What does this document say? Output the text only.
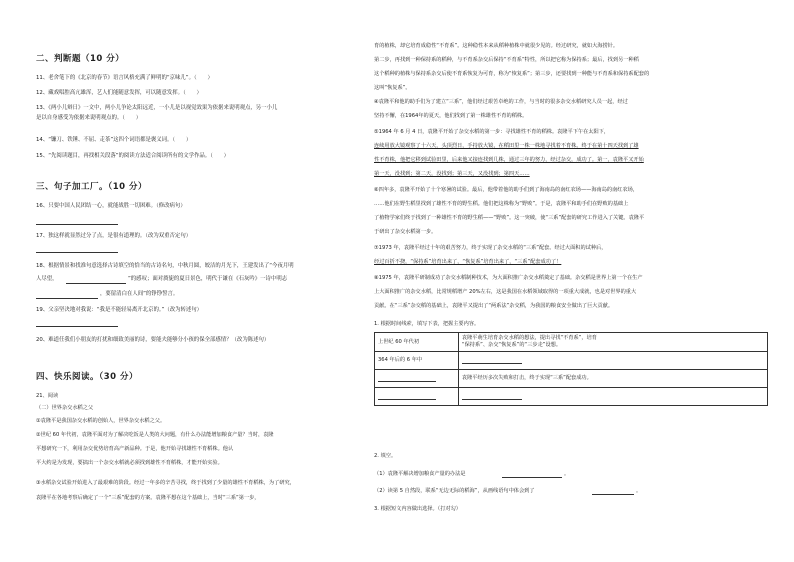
二、判断题（10 分）
11、老舍笔下的《北京的春节》语言风格充满了鲜明的“京味儿”。（　　）
12、藏戏唱腔高亢雄浑，艺人们能随意发挥，可以随意发挥。（　　）
13、《两小儿辩日》一文中，两小儿争论太阳远近，一小儿是以视觉效果为依据来说明观点，另一小儿
是以自身感受为依据来说明观点的。（　　）
14、“镰刀、铁锤、不屈、走茶”这四个词语都是褒义词。（　　）
15、“先阅读题目，再找相关段落”的阅读方法适合阅读所有的文学作品。（　　）
三、句子加工厂。（10 分）
16、只要中国人民团结一心，就能战胜一切困难。（修改病句）
17、独这样就显然过分了点，是很有道理的。（改为双重否定句）
18、根据情景和找准句意选择古诗填空的恰当的古诗名句，中秋月圆，皎洁的月光下，王建发出了“今夜月明
人尽望，	”的感叹；面对旖旎的夏日景色，明代于谦在《石灰吟》一诗中明志
，要留清白在人间”的铮铮誓言。
19、父亲坚决地对我说：“我是不能轻易离开北京的。”（改为转述句）
20、难道任我们小朋友的打扰和细致美丽的诗，要能夫能够分小孩的保全部感情？（改为陈述句）
四、快乐阅读。（30 分）
21、阅读
（二）世界杂交水稻之父
①袁隆平是我国杂交水稻的创始人，世界杂交水稻之父。
②世纪 60 年代初，袁隆平面对为了解决吃饭是人类的大问题，有什么办法能增加粮食产量？当时，袁隆
平想研究一下，利用杂交优势培育高产新品种。于是，他开始寻找雄性不育稻株。他认
平大约是为发现，要搞出一个杂交水稻就必须找到雄性不育稻株，才能开始实验。
③水稻杂交试验开始进入了最艰难的阶段。经过一年多的辛苦寻找，终于找到了少量的雄性不育稻株，为了研究，
袁隆平在各地考察后确定了一个“三系”配套的方案。袁隆平想在这个基础上，当时“三系”第一步，
育的植株，却它培育成稳性“不育系”。这种稳性本来从稻种植株中就很少见的。经过研究，就如大海捞针。
第二步，再找到一种保持系的稻种，与不育系杂交后保持“不育系”特性，所以把它称为保持系；最后，找到另一种稻
这个稻种的植株与保持系杂交后使不育系恢复为可育，称为“恢复系”；第三步，还要找到一种能与不育系和保持系配套的
这叫“恢复系”。
④袁隆平和他的助手们为了建立“三系”，他们经过艰苦卓绝的工作，与当时的很多杂交水稻研究人员一起，经过
坚持不懈，在1964年的夏天，他们找到了第一株雄性不育的稻株。
⑤1964 年 6 月 4 日，袁隆平开始了杂交水稻的第一步：寻找雄性不育的稻株。袁隆平下午在太阳下，
连续用放大镜观察了十六天，头顶烈日，手持放大镜，在稻田里一株一株地寻找着不育株。终于在第十四天找到了雄
性不育株，他把它移到试验田里，后来他又接连找到几株，通过三年的努力，经过杂交，成功了。第一，袁隆平又开始
第一天，没找到；第二天，没找到；第三天，又没找到；第四天……
⑥四年多，袁隆平开始了十个寒暑的试验。最后，他带着他的助手们到了海南岛的南红农场——海南岛的南红农场，
……他们在野生稻里找到了雄性不育的野生稻。他们把这株称为“野败”。于是，袁隆平和助手们在野败的基础上
了植物学家们终于找到了一种雄性不育的野生稻——“野败”。这一突破，使“三系”配套的研究工作进入了关键。袁隆平
于研出了杂交水稻第一步。
⑦1973 年，袁隆平经过十年的艰苦努力，终于实现了杂交水稻的“三系”配套。经过大面积的试种后，
经过百折不挠，“保持系”培育出来了，“恢复系”培育出来了，“三系”配套成功了！
⑧1975 年，袁隆平研制成功了杂交水稻制种技术，为大面积推广杂交水稻奠定了基础。杂交稻是世界上第一个在生产
上大面积推广的杂交水稻，比常规稻增产 20%左右，这是我国在水稻领域取得的一项重大成就，也是对世界的重大
贡献。在“三系”杂交稻的基础上，袁隆平又提出了“两系法”杂交稻，为我国的粮食安全做出了巨大贡献。
1. 根据时间线索，填写下表，把握主要内容。
上世纪 60 年代初	袁隆平萌生培育杂交水稻的想法，提出寻找“不育系”，培育
“保持系”、杂交“恢复系”的“三步走”设想。

364 年后的 6 年中	

	袁隆平经历多次失败和打击，终于实现“三系”配套成功。

2. 填空。
（1）袁隆平解决增加粮食产量的办法是	。
（2）读第 5 自然段，联系“无边无际的稻海”，从画线语句中体会到了	。
3. 根据短文内容做出选择。（打对勾）
